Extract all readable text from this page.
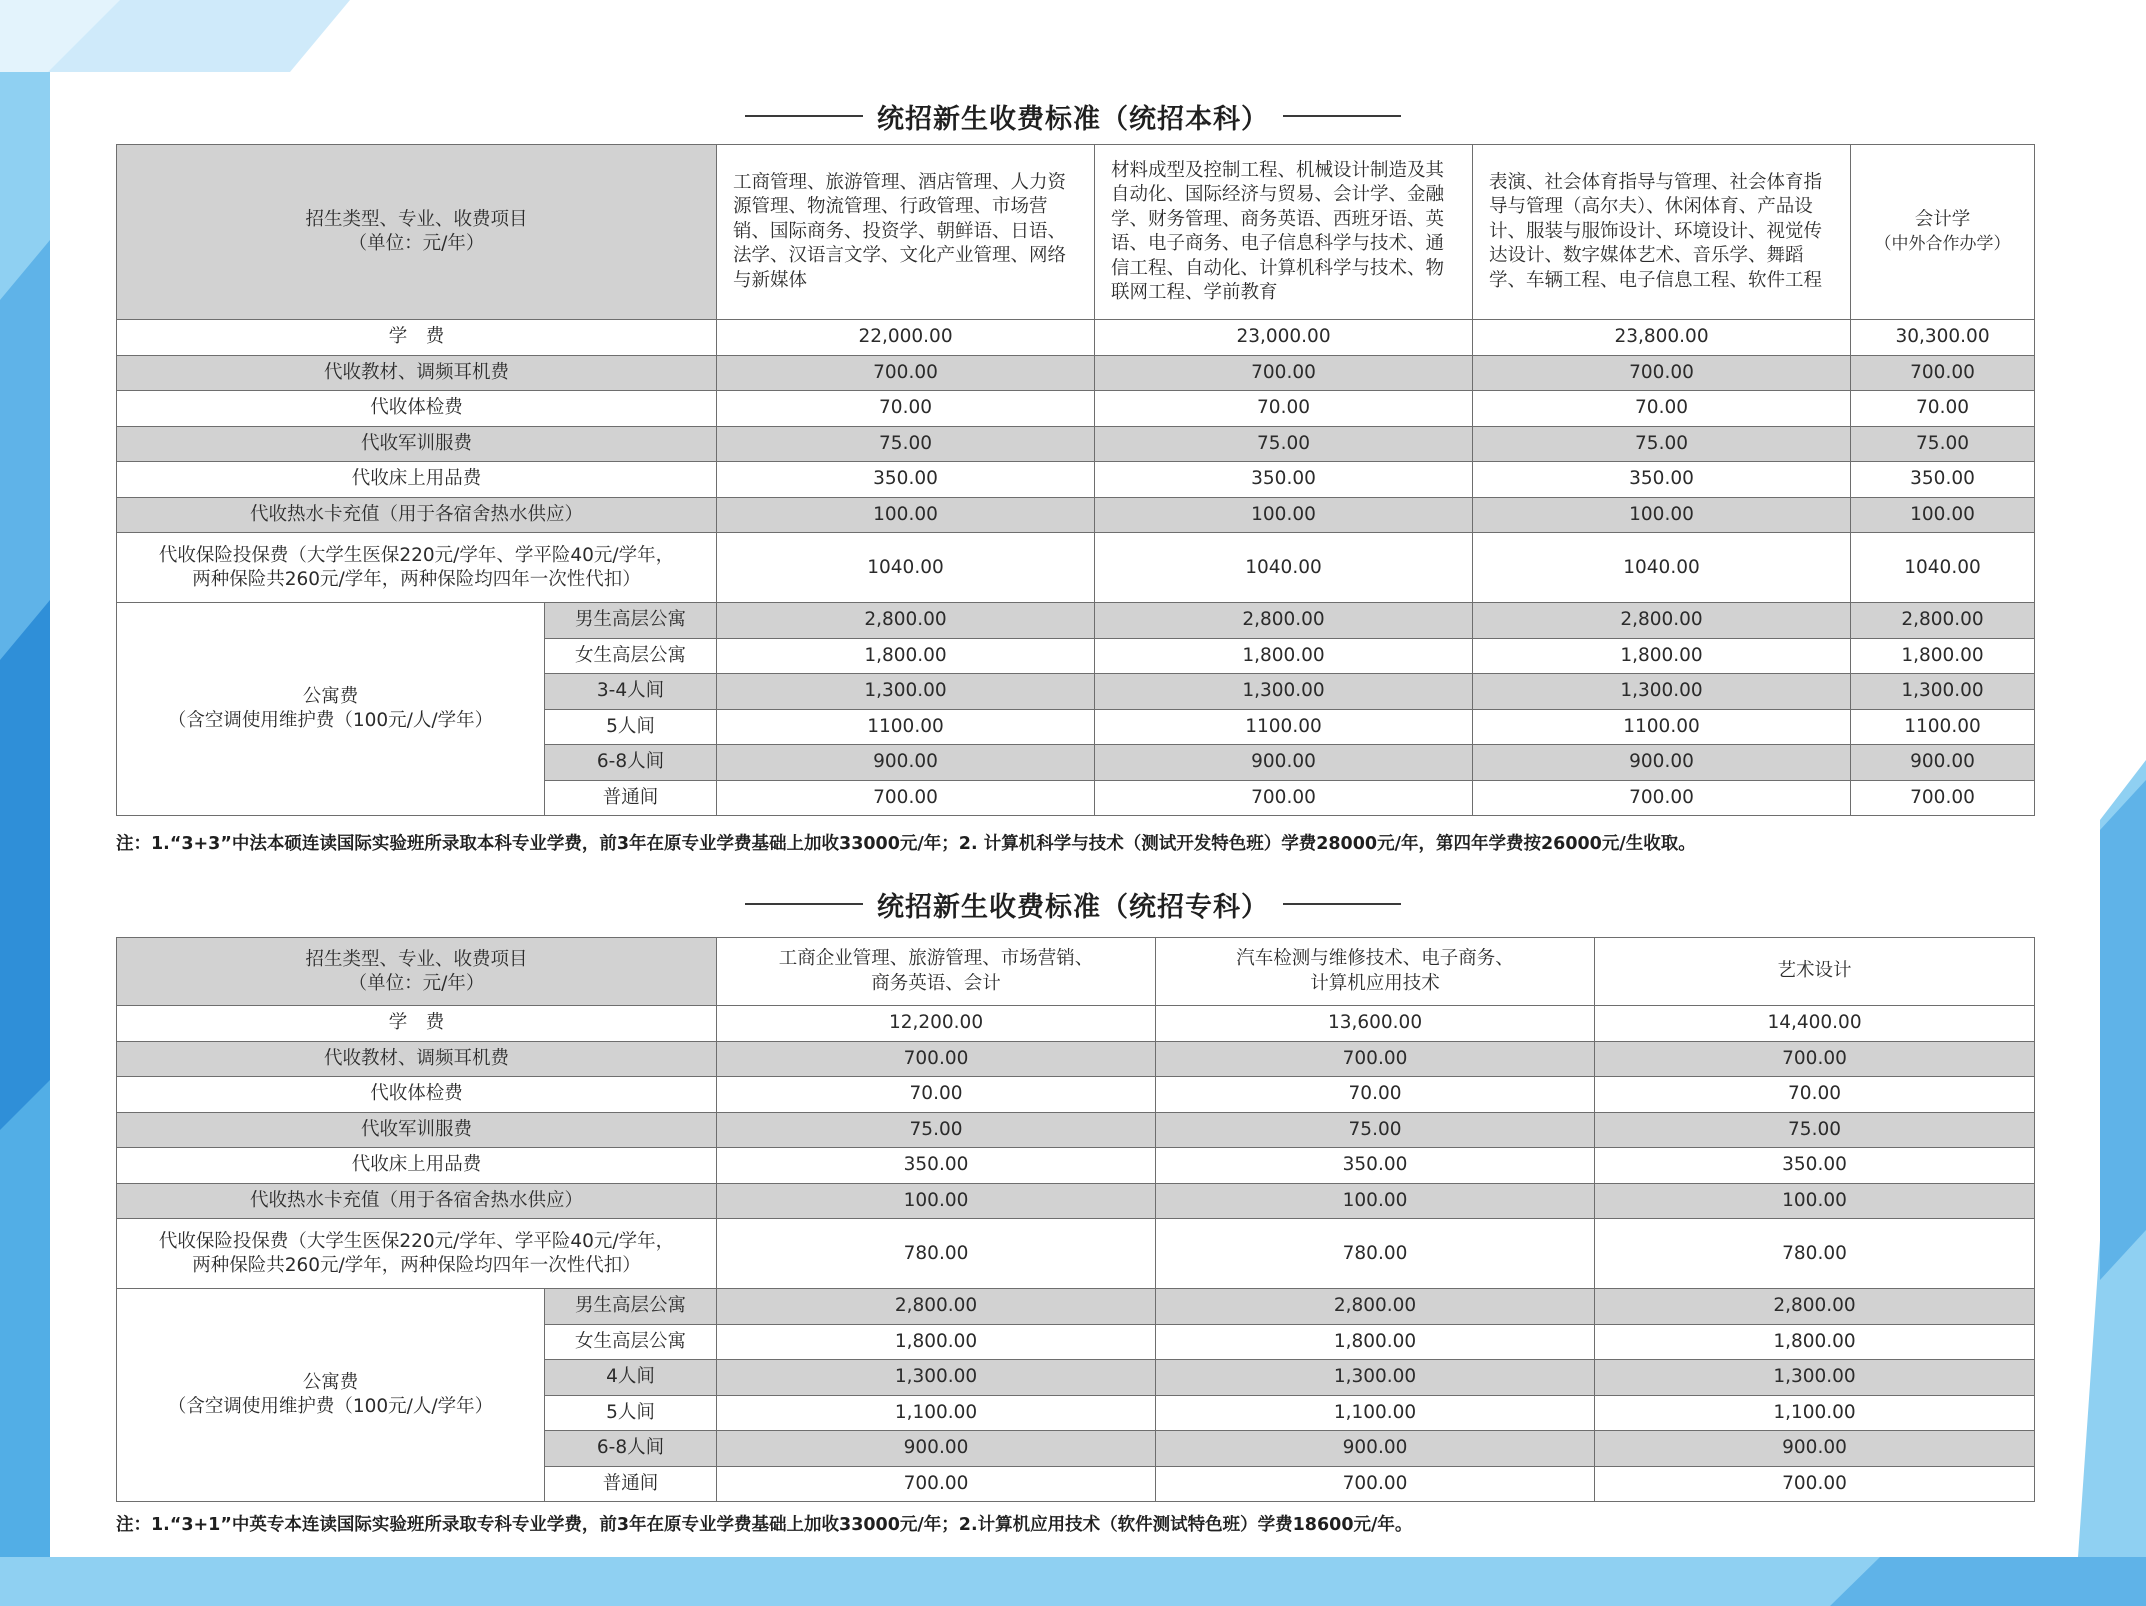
统招新生收费标准（统招本科）
招生类型、专业、收费项目
（单位：元/年）		工商管理、旅游管理、酒店管理、人力资源管理、物流管理、行政管理、市场营销、国际商务、投资学、朝鲜语、日语、法学、汉语言文学、文化产业管理、网络与新媒体	材料成型及控制工程、机械设计制造及其自动化、国际经济与贸易、会计学、金融学、财务管理、商务英语、西班牙语、英语、电子商务、电子信息科学与技术、通信工程、自动化、计算机科学与技术、物联网工程、学前教育	表演、社会体育指导与管理、社会体育指导与管理（高尔夫）、休闲体育、产品设计、服装与服饰设计、环境设计、视觉传达设计、数字媒体艺术、音乐学、舞蹈学、车辆工程、电子信息工程、软件工程	会计学
（中外合作办学）

学　费		22,000.00	23,000.00	23,800.00	30,300.00
代收教材、调频耳机费		700.00	700.00	700.00	700.00
代收体检费		70.00	70.00	70.00	70.00
代收军训服费		75.00	75.00	75.00	75.00
代收床上用品费		350.00	350.00	350.00	350.00
代收热水卡充值（用于各宿舍热水供应）		100.00	100.00	100.00	100.00

代收保险投保费（大学生医保220元/学年、学平险40元/学年，
两种保险共260元/学年，两种保险均四年一次性代扣）		1040.00	1040.00	1040.00	1040.00

公寓费
（含空调使用维护费（100元/人/学年）	男生高层公寓	2,800.00	2,800.00	2,800.00	2,800.00
	女生高层公寓	1,800.00	1,800.00	1,800.00	1,800.00
	3-4人间	1,300.00	1,300.00	1,300.00	1,300.00
	5人间	1100.00	1100.00	1100.00	1100.00
	6-8人间	900.00	900.00	900.00	900.00
	普通间	700.00	700.00	700.00	700.00
注：1.“3+3”中法本硕连读国际实验班所录取本科专业学费，前3年在原专业学费基础上加收33000元/年；2. 计算机科学与技术（测试开发特色班）学费28000元/年，第四年学费按26000元/生收取。
统招新生收费标准（统招专科）
招生类型、专业、收费项目
（单位：元/年）		工商企业管理、旅游管理、市场营销、
商务英语、会计	汽车检测与维修技术、电子商务、
计算机应用技术	艺术设计

学　费		12,200.00	13,600.00	14,400.00
代收教材、调频耳机费		700.00	700.00	700.00
代收体检费		70.00	70.00	70.00
代收军训服费		75.00	75.00	75.00
代收床上用品费		350.00	350.00	350.00
代收热水卡充值（用于各宿舍热水供应）		100.00	100.00	100.00

代收保险投保费（大学生医保220元/学年、学平险40元/学年，
两种保险共260元/学年，两种保险均四年一次性代扣）		780.00	780.00	780.00

公寓费
（含空调使用维护费（100元/人/学年）	男生高层公寓	2,800.00	2,800.00	2,800.00
	女生高层公寓	1,800.00	1,800.00	1,800.00
	4人间	1,300.00	1,300.00	1,300.00
	5人间	1,100.00	1,100.00	1,100.00
	6-8人间	900.00	900.00	900.00
	普通间	700.00	700.00	700.00
注：1.“3+1”中英专本连读国际实验班所录取专科专业学费，前3年在原专业学费基础上加收33000元/年；2.计算机应用技术（软件测试特色班）学费18600元/年。
